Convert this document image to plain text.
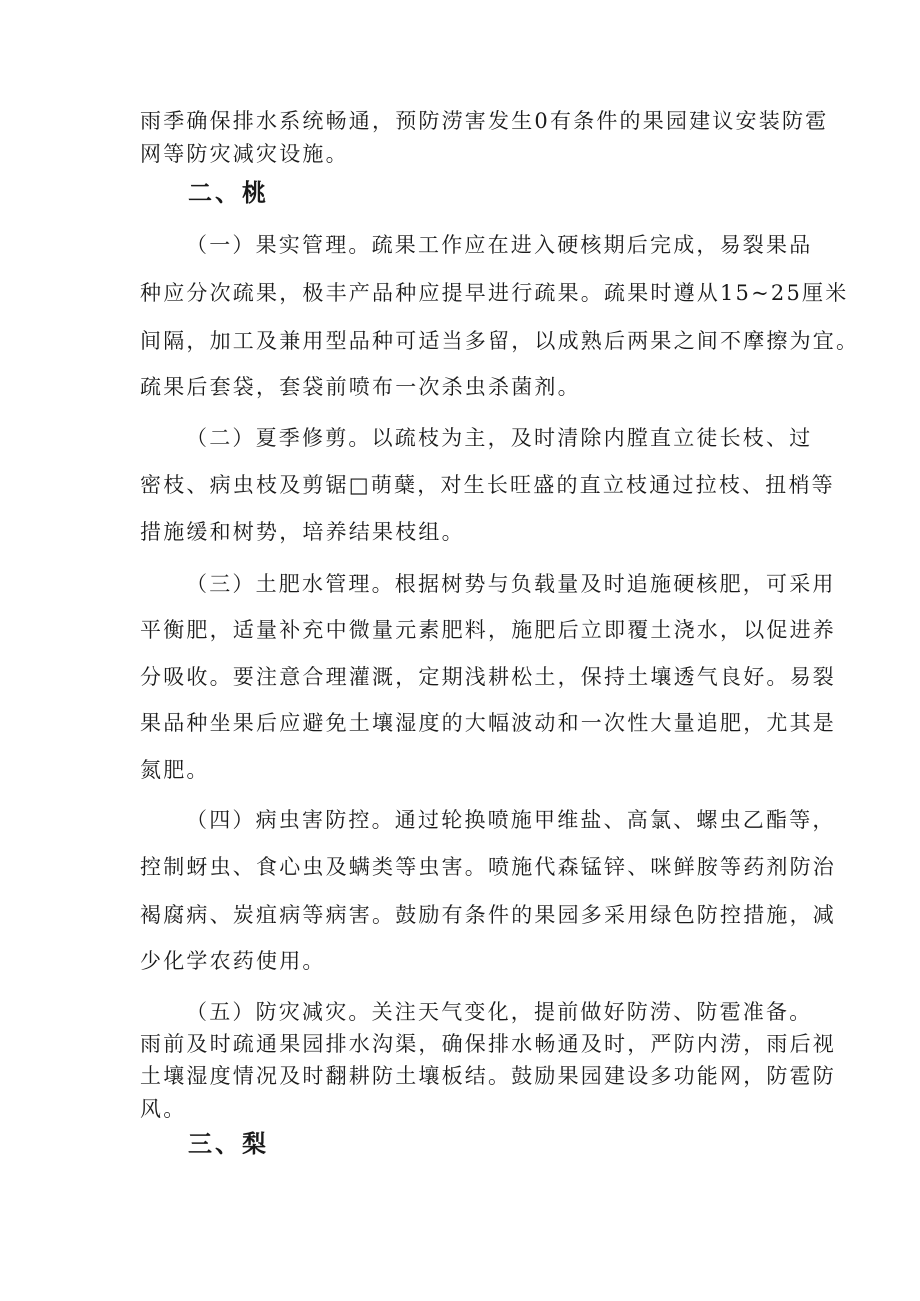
雨季确保排水系统畅通，预防涝害发生0有条件的果园建议安装防雹
网等防灾减灾设施。
二、桃
（一）果实管理。疏果工作应在进入硬核期后完成，易裂果品
种应分次疏果，极丰产品种应提早进行疏果。疏果时遵从15~25厘米
间隔，加工及兼用型品种可适当多留，以成熟后两果之间不摩擦为宜。
疏果后套袋，套袋前喷布一次杀虫杀菌剂。
（二）夏季修剪。以疏枝为主，及时清除内膛直立徒长枝、过
密枝、病虫枝及剪锯□萌蘖，对生长旺盛的直立枝通过拉枝、扭梢等
措施缓和树势，培养结果枝组。
（三）土肥水管理。根据树势与负载量及时追施硬核肥，可采用
平衡肥，适量补充中微量元素肥料，施肥后立即覆土浇水，以促进养
分吸收。要注意合理灌溉，定期浅耕松土，保持土壤透气良好。易裂
果品种坐果后应避免土壤湿度的大幅波动和一次性大量追肥，尤其是
氮肥。
（四）病虫害防控。通过轮换喷施甲维盐、高氯、螺虫乙酯等，
控制蚜虫、食心虫及螨类等虫害。喷施代森锰锌、咪鲜胺等药剂防治
褐腐病、炭疽病等病害。鼓励有条件的果园多采用绿色防控措施，减
少化学农药使用。
（五）防灾减灾。关注天气变化，提前做好防涝、防雹准备。
雨前及时疏通果园排水沟渠，确保排水畅通及时，严防内涝，雨后视
土壤湿度情况及时翻耕防土壤板结。鼓励果园建设多功能网，防雹防
风。
三、梨
